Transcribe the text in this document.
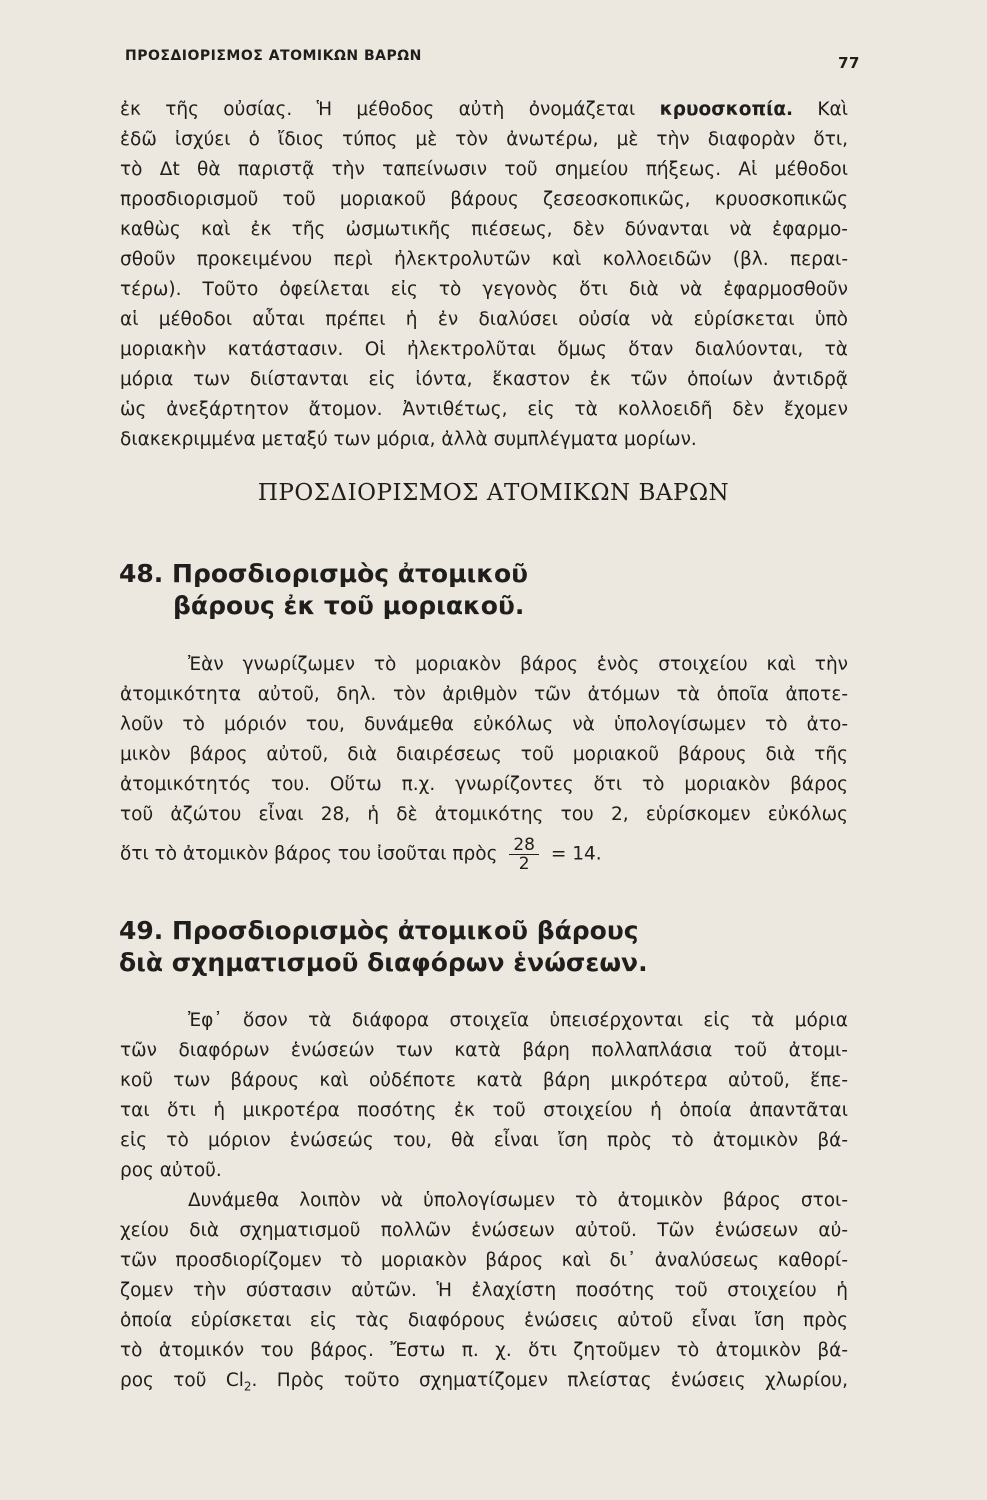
ΠΡΟΣΔΙΟΡΙΣΜΟΣ ΑΤΟΜΙΚΩΝ ΒΑΡΩΝ	77
ἐκ τῆς οὐσίας. Ἡ μέθοδος αὐτὴ ὀνομάζεται κρυοσκοπία. Καὶ
ἐδῶ ἰσχύει ὁ ἴδιος τύπος μὲ τὸν ἀνωτέρω, μὲ τὴν διαφορὰν ὅτι,
τὸ Δt θὰ παριστᾷ τὴν ταπείνωσιν τοῦ σημείου πήξεως. Αἱ μέθοδοι
προσδιορισμοῦ τοῦ μοριακοῦ βάρους ζεσεοσκοπικῶς, κρυοσκοπικῶς
καθὼς καὶ ἐκ τῆς ὠσμωτικῆς πιέσεως, δὲν δύνανται νὰ ἐφαρμο-
σθοῦν προκειμένου περὶ ἠλεκτρολυτῶν καὶ κολλοειδῶν (βλ. περαι-
τέρω). Τοῦτο ὀφείλεται εἰς τὸ γεγονὸς ὅτι διὰ νὰ ἐφαρμοσθοῦν
αἱ μέθοδοι αὗται πρέπει ἡ ἐν διαλύσει οὐσία νὰ εὑρίσκεται ὑπὸ
μοριακὴν κατάστασιν. Οἱ ἠλεκτρολῦται ὅμως ὅταν διαλύονται, τὰ
μόρια των διίστανται εἰς ἰόντα, ἕκαστον ἐκ τῶν ὁποίων ἀντιδρᾷ
ὡς ἀνεξάρτητον ἄτομον. Ἀντιθέτως, εἰς τὰ κολλοειδῆ δὲν ἔχομεν
διακεκριμμένα μεταξύ των μόρια, ἀλλὰ συμπλέγματα μορίων.
ΠΡΟΣΔΙΟΡΙΣΜΟΣ ΑΤΟΜΙΚΩΝ ΒΑΡΩΝ
48. Προσδιορισμὸς ἀτομικοῦ
βάρους ἐκ τοῦ μοριακοῦ.
Ἐὰν γνωρίζωμεν τὸ μοριακὸν βάρος ἑνὸς στοιχείου καὶ τὴν
ἀτομικότητα αὐτοῦ, δηλ. τὸν ἀριθμὸν τῶν ἀτόμων τὰ ὁποῖα ἀποτε-
λοῦν τὸ μόριόν του, δυνάμεθα εὐκόλως νὰ ὑπολογίσωμεν τὸ ἀτο-
μικὸν βάρος αὐτοῦ, διὰ διαιρέσεως τοῦ μοριακοῦ βάρους διὰ τῆς
ἀτομικότητός του. Οὕτω π.χ. γνωρίζοντες ὅτι τὸ μοριακὸν βάρος
τοῦ ἀζώτου εἶναι 28, ἡ δὲ ἀτομικότης του 2, εὑρίσκομεν εὐκόλως
ὅτι τὸ ἀτομικὸν βάρος του ἰσοῦται πρὸς $\frac{28}{2} = 14$.
49. Προσδιορισμὸς ἀτομικοῦ βάρους
διὰ σχηματισμοῦ διαφόρων ἑνώσεων.
Ἐφ᾽ ὅσον τὰ διάφορα στοιχεῖα ὑπεισέρχονται εἰς τὰ μόρια
τῶν διαφόρων ἑνώσεών των κατὰ βάρη πολλαπλάσια τοῦ ἀτομι-
κοῦ των βάρους καὶ οὐδέποτε κατὰ βάρη μικρότερα αὐτοῦ, ἕπε-
ται ὅτι ἡ μικροτέρα ποσότης ἐκ τοῦ στοιχείου ἡ ὁποία ἀπαντᾶται
εἰς τὸ μόριον ἑνώσεώς του, θὰ εἶναι ἴση πρὸς τὸ ἀτομικὸν βά-
ρος αὐτοῦ.
Δυνάμεθα λοιπὸν νὰ ὑπολογίσωμεν τὸ ἀτομικὸν βάρος στοι-
χείου διὰ σχηματισμοῦ πολλῶν ἑνώσεων αὐτοῦ. Τῶν ἑνώσεων αὐ-
τῶν προσδιορίζομεν τὸ μοριακὸν βάρος καὶ δι᾽ ἀναλύσεως καθορί-
ζομεν τὴν σύστασιν αὐτῶν. Ἡ ἐλαχίστη ποσότης τοῦ στοιχείου ἡ
ὁποία εὑρίσκεται εἰς τὰς διαφόρους ἑνώσεις αὐτοῦ εἶναι ἴση πρὸς
τὸ ἀτομικόν του βάρος. Ἔστω π. χ. ὅτι ζητοῦμεν τὸ ἀτομικὸν βά-
ρος τοῦ $Cl_2$. Πρὸς τοῦτο σχηματίζομεν πλείστας ἑνώσεις χλωρίου,
